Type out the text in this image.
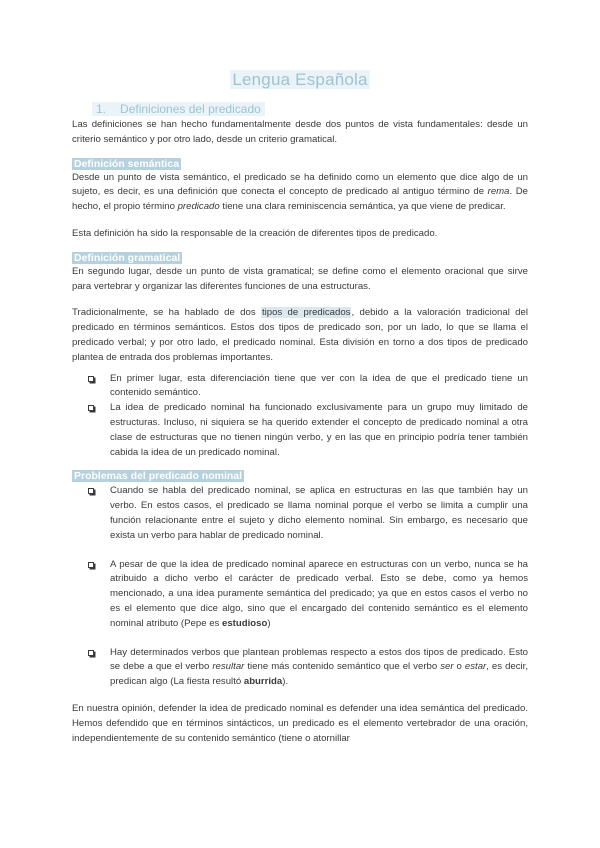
Lengua Española
1. Definiciones del predicado

Las definiciones se han hecho fundamentalmente desde dos puntos de vista fundamentales: desde un criterio semántico y por otro lado, desde un criterio gramatical.

Definición semántica

Desde un punto de vista semántico, el predicado se ha definido como un elemento que dice algo de un sujeto, es decir, es una definición que conecta el concepto de predicado al antiguo término de rema. De hecho, el propio término predicado tiene una clara reminiscencia semántica, ya que viene de predicar.

Esta definición ha sido la responsable de la creación de diferentes tipos de predicado.

Definición gramatical

En segundo lugar, desde un punto de vista gramatical; se define como el elemento oracional que sirve para vertebrar y organizar las diferentes funciones de una estructuras.

Tradicionalmente, se ha hablado de dos tipos de predicados, debido a la valoración tradicional del predicado en términos semánticos. Estos dos tipos de predicado son, por un lado, lo que se llama el predicado verbal; y por otro lado, el predicado nominal. Esta división en torno a dos tipos de predicado plantea de entrada dos problemas importantes.

En primer lugar, esta diferenciación tiene que ver con la idea de que el predicado tiene un contenido semántico.
La idea de predicado nominal ha funcionado exclusivamente para un grupo muy limitado de estructuras. Incluso, ni siquiera se ha querido extender el concepto de predicado nominal a otra clase de estructuras que no tienen ningún verbo, y en las que en principio podría tener también cabida la idea de un predicado nominal.
Problemas del predicado nominal
Cuando se habla del predicado nominal, se aplica en estructuras en las que también hay un verbo. En estos casos, el predicado se llama nominal porque el verbo se limita a cumplir una función relacionante entre el sujeto y dicho elemento nominal. Sin embargo, es necesario que exista un verbo para hablar de predicado nominal.
A pesar de que la idea de predicado nominal aparece en estructuras con un verbo, nunca se ha atribuido a dicho verbo el carácter de predicado verbal. Esto se debe, como ya hemos mencionado, a una idea puramente semántica del predicado; ya que en estos casos el verbo no es el elemento que dice algo, sino que el encargado del contenido semántico es el elemento nominal atributo (Pepe es estudioso)
Hay determinados verbos que plantean problemas respecto a estos dos tipos de predicado. Esto se debe a que el verbo resultar tiene más contenido semántico que el verbo ser o estar, es decir, predican algo (La fiesta resultó aburrida).

En nuestra opinión, defender la idea de predicado nominal es defender una idea semántica del predicado. Hemos defendido que en términos sintácticos, un predicado es el elemento vertebrador de una oración, independientemente de su contenido semántico (tiene o atornillar
